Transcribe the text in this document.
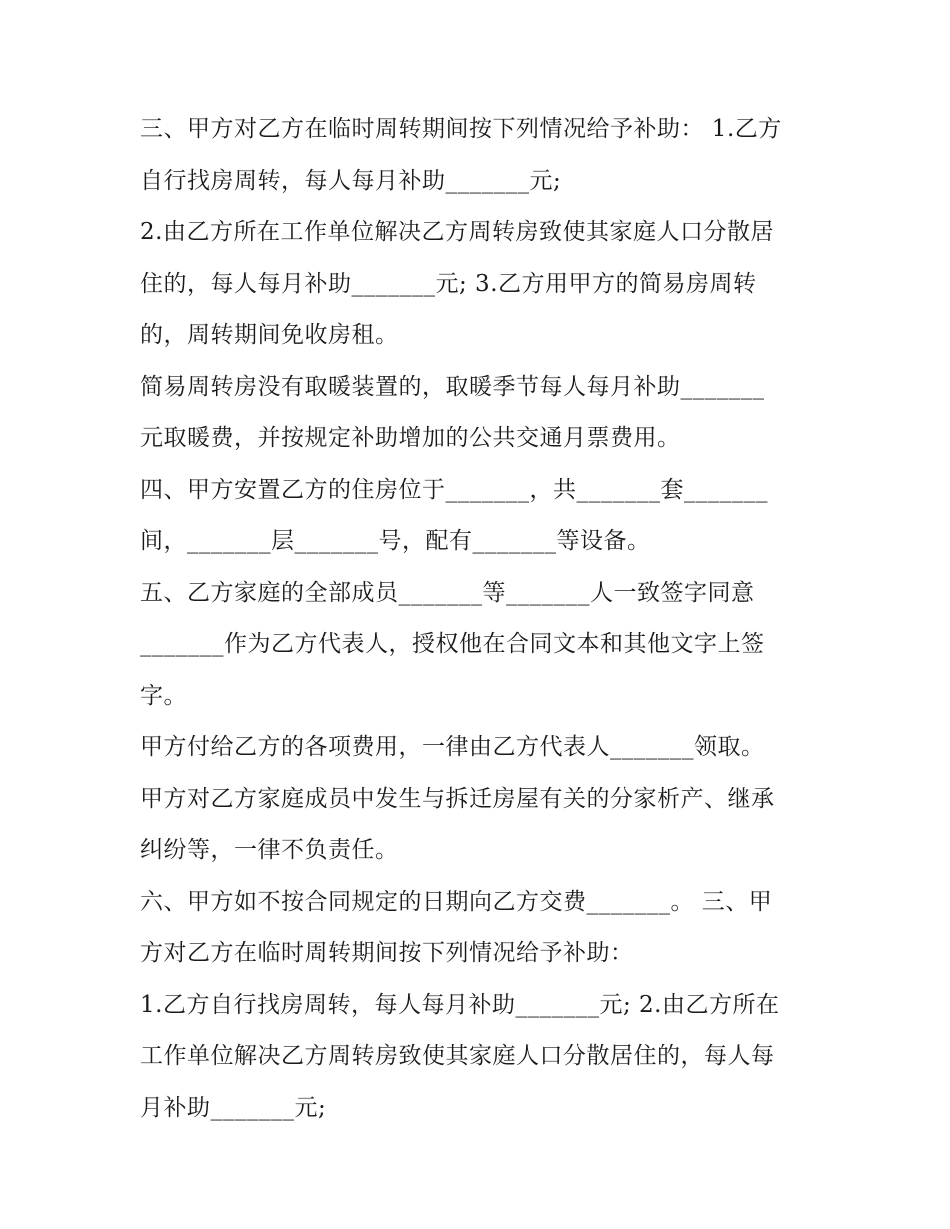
三、甲方对乙方在临时周转期间按下列情况给予补助： 1.乙方
自行找房周转，每人每月补助_______元;
2.由乙方所在工作单位解决乙方周转房致使其家庭人口分散居
住的，每人每月补助_______元; 3.乙方用甲方的简易房周转
的，周转期间免收房租。
简易周转房没有取暖装置的，取暖季节每人每月补助_______
元取暖费，并按规定补助增加的公共交通月票费用。
四、甲方安置乙方的住房位于_______，共_______套_______
间，_______层_______号，配有_______等设备。
五、乙方家庭的全部成员_______等_______人一致签字同意
_______作为乙方代表人，授权他在合同文本和其他文字上签
字。
甲方付给乙方的各项费用，一律由乙方代表人_______领取。
甲方对乙方家庭成员中发生与拆迁房屋有关的分家析产、继承
纠纷等，一律不负责任。
六、甲方如不按合同规定的日期向乙方交费_______。 三、甲
方对乙方在临时周转期间按下列情况给予补助：
1.乙方自行找房周转，每人每月补助_______元; 2.由乙方所在
工作单位解决乙方周转房致使其家庭人口分散居住的，每人每
月补助_______元;
